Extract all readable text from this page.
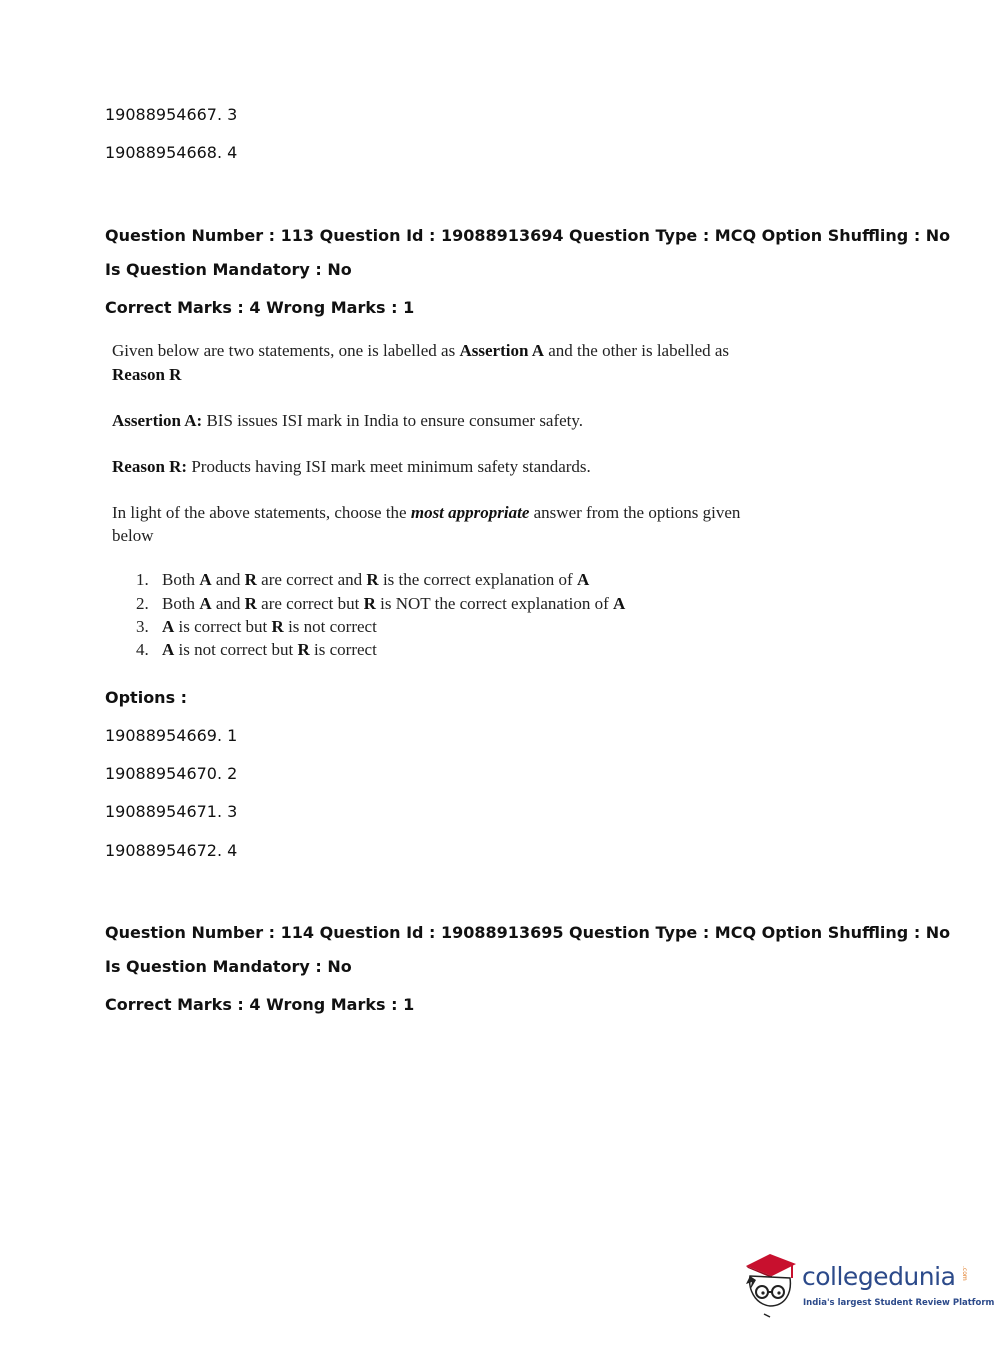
19088954667. 3
19088954668. 4
Question Number : 113 Question Id : 19088913694 Question Type : MCQ Option Shuffling : No
Is Question Mandatory : No
Correct Marks : 4 Wrong Marks : 1
Given below are two statements, one is labelled as Assertion A and the other is labelled as
Reason R
Assertion A: BIS issues ISI mark in India to ensure consumer safety.
Reason R: Products having ISI mark meet minimum safety standards.
In light of the above statements, choose the most appropriate answer from the options given
below
1. Both A and R are correct and R is the correct explanation of A
2. Both A and R are correct but R is NOT the correct explanation of A
3. A is correct but R is not correct
4. A is not correct but R is correct
Options :
19088954669. 1
19088954670. 2
19088954671. 3
19088954672. 4
Question Number : 114 Question Id : 19088913695 Question Type : MCQ Option Shuffling : No
Is Question Mandatory : No
Correct Marks : 4 Wrong Marks : 1
collegedunia .com
India's largest Student Review Platform
